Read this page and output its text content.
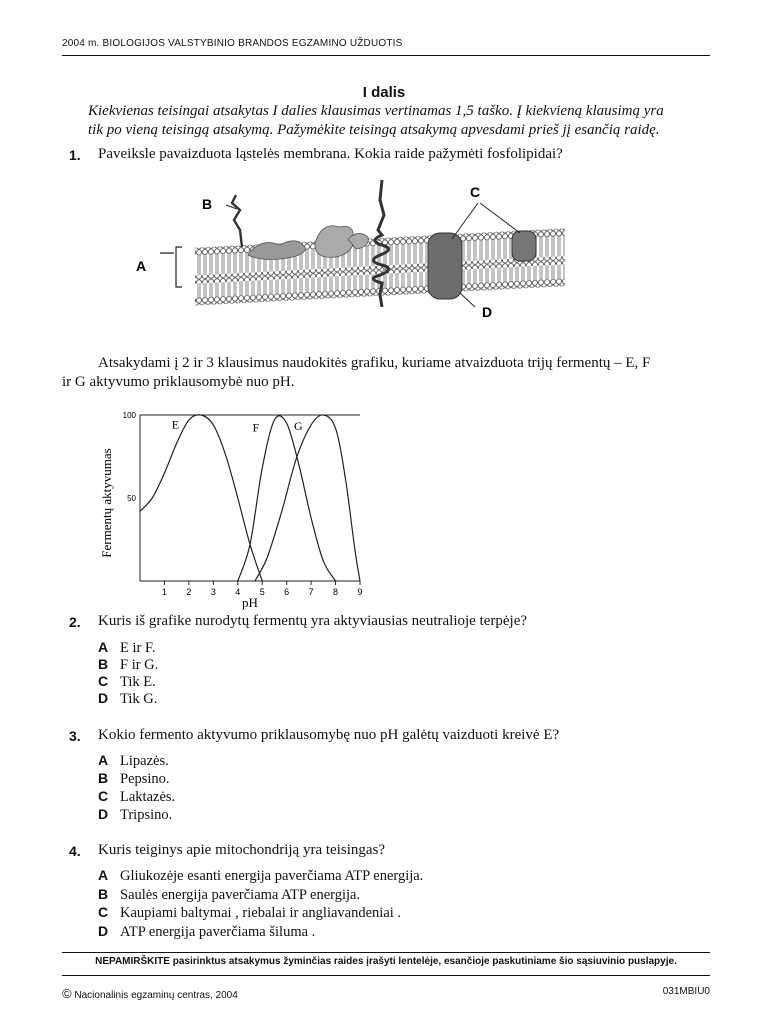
2004 m. BIOLOGIJOS VALSTYBINIO BRANDOS EGZAMINO UŽDUOTIS
I dalis
Kiekvienas teisingai atsakytas I dalies klausimas vertinamas 1,5 taško. Į kiekvieną klausimą yra
tik po vieną teisingą atsakymą. Pažymėkite teisingą atsakymą apvesdami prieš jį esančią raidę.
1. Paveiksle pavaizduota ląstelės membrana. Kokia raide pažymėti fosfolipidai?
A
B
C
D
Atsakydami į 2 ir 3 klausimus naudokitės grafiku, kuriame atvaizduota trijų fermentų – E, F
ir G aktyvumo priklausomybė nuo pH.
1 2 3 4 5 6 7 8 9
50
100
E	F	G
pH
Fermentų aktyvumas
2. Kuris iš grafike nurodytų fermentų yra aktyviausias neutralioje terpėje?
A E ir F.
B F ir G.
C Tik E.
D Tik G.
3. Kokio fermento aktyvumo priklausomybę nuo pH galėtų vaizduoti kreivė E?
A Lipazės.
B Pepsino.
C Laktazės.
D Tripsino.
4. Kuris teiginys apie mitochondriją yra teisingas?
A Gliukozėje esanti energija paverčiama ATP energija.
B Saulės energija paverčiama ATP energija.
C Kaupiami baltymai , riebalai ir angliavandeniai .
D ATP energija paverčiama šiluma .
NEPAMIRŠKITE pasirinktus atsakymus žyminčias raides įrašyti lentelėje, esančioje paskutiniame šio sąsiuvinio puslapyje.
© Nacionalinis egzaminų centras, 2004	031MBIU0
